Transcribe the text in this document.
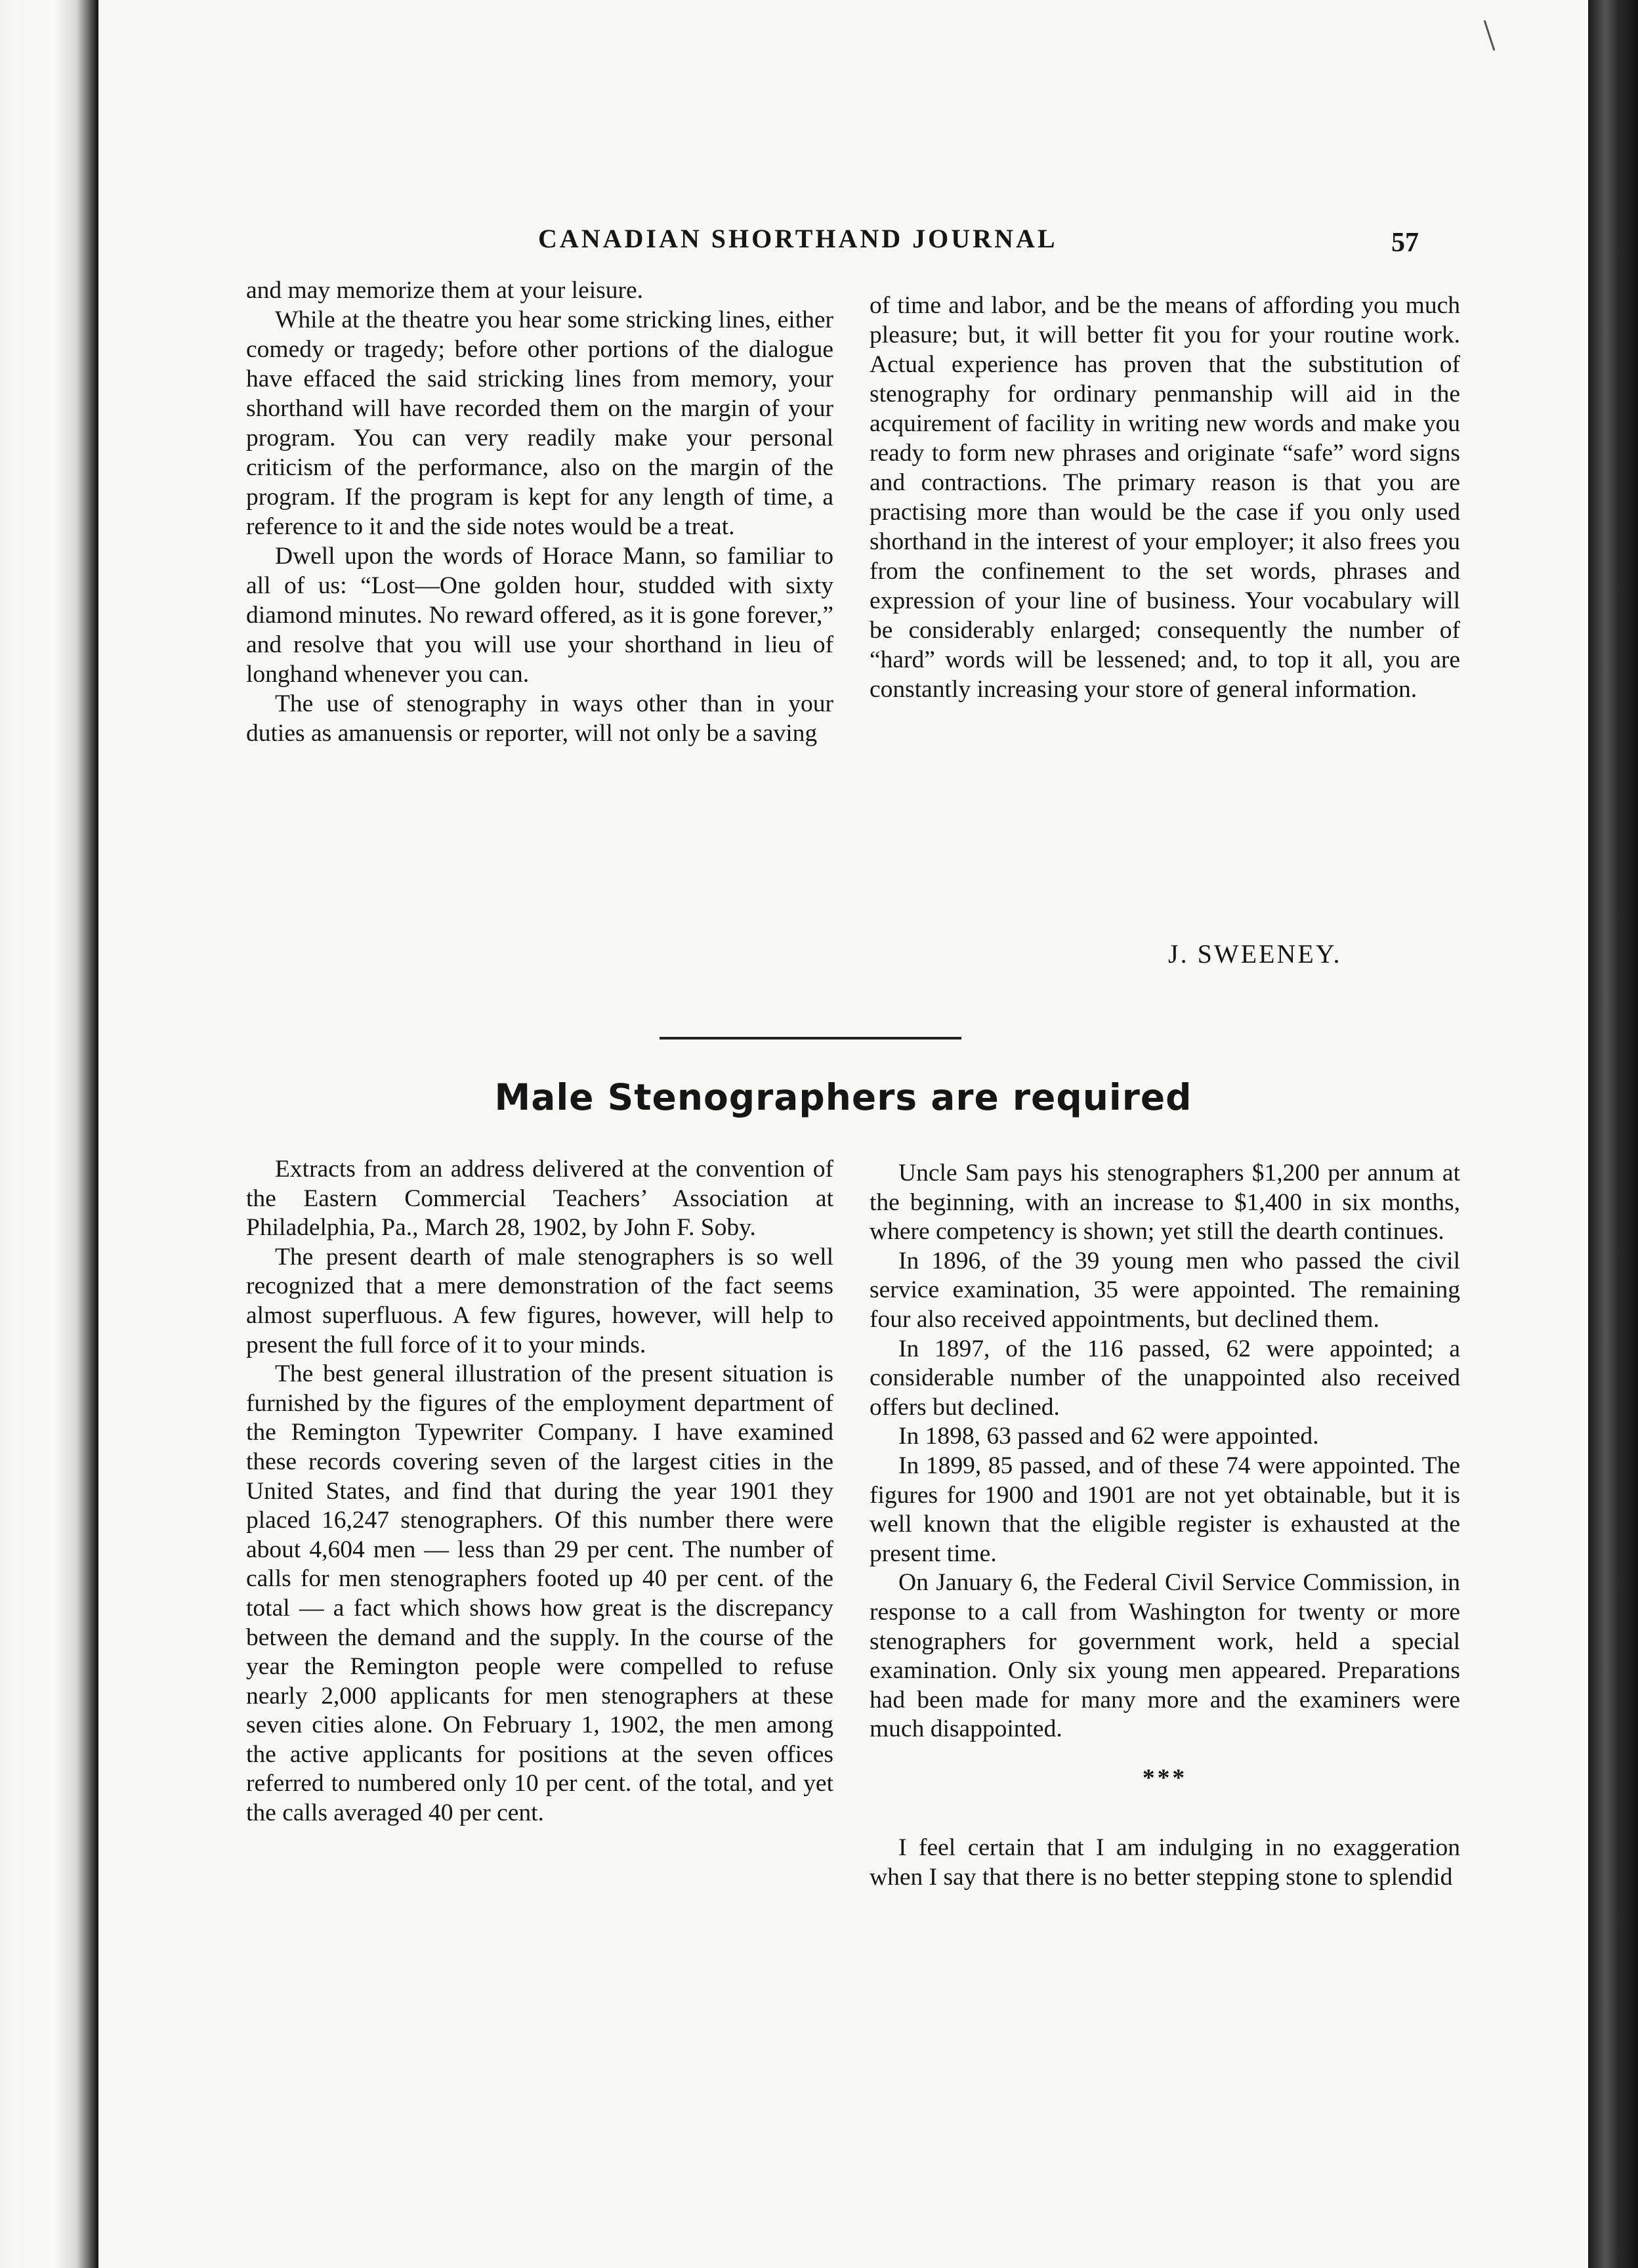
CANADIAN SHORTHAND JOURNAL	57

and may memorize them at your leisure.

While at the theatre you hear some stricking lines, either comedy or tragedy; before other portions of the dialogue have effaced the said stricking lines from memory, your shorthand will have recorded them on the margin of your program. You can very readily make your personal criticism of the performance, also on the margin of the program. If the program is kept for any length of time, a reference to it and the side notes would be a treat.

Dwell upon the words of Horace Mann, so familiar to all of us: “Lost—One golden hour, studded with sixty diamond minutes. No reward offered, as it is gone forever,” and resolve that you will use your shorthand in lieu of longhand whenever you can.

The use of stenography in ways other than in your duties as amanuensis or reporter, will not only be a saving

of time and labor, and be the means of affording you much pleasure; but, it will better fit you for your routine work. Actual experience has proven that the substitution of stenography for ordinary penmanship will aid in the acquirement of facility in writing new words and make you ready to form new phrases and originate “safe” word signs and contractions. The primary reason is that you are practising more than would be the case if you only used shorthand in the interest of your employer; it also frees you from the confinement to the set words, phrases and expression of your line of business. Your vocabulary will be considerably enlarged; consequently the number of “hard” words will be lessened; and, to top it all, you are constantly increasing your store of general information.

J. SWEENEY.
Male Stenographers are required

Extracts from an address delivered at the convention of the Eastern Commercial Teachers’ Association at Philadelphia, Pa., March 28, 1902, by John F. Soby.

The present dearth of male stenographers is so well recognized that a mere demonstration of the fact seems almost superfluous. A few figures, however, will help to present the full force of it to your minds.

The best general illustration of the present situation is furnished by the figures of the employment department of the Remington Typewriter Company. I have examined these records covering seven of the largest cities in the United States, and find that during the year 1901 they placed 16,247 stenographers. Of this number there were about 4,604 men — less than 29 per cent. The number of calls for men stenographers footed up 40 per cent. of the total — a fact which shows how great is the discrepancy between the demand and the supply. In the course of the year the Remington people were compelled to refuse nearly 2,000 applicants for men stenographers at these seven cities alone. On February 1, 1902, the men among the active applicants for positions at the seven offices referred to numbered only 10 per cent. of the total, and yet the calls averaged 40 per cent.

Uncle Sam pays his stenographers $1,200 per annum at the beginning, with an increase to $1,400 in six months, where competency is shown; yet still the dearth continues.

In 1896, of the 39 young men who passed the civil service examination, 35 were appointed. The remaining four also received appointments, but declined them.

In 1897, of the 116 passed, 62 were appointed; a considerable number of the unappointed also received offers but declined.

In 1898, 63 passed and 62 were appointed.

In 1899, 85 passed, and of these 74 were appointed. The figures for 1900 and 1901 are not yet obtainable, but it is well known that the eligible register is exhausted at the present time.

On January 6, the Federal Civil Service Commission, in response to a call from Washington for twenty or more stenographers for government work, held a special examination. Only six young men appeared. Preparations had been made for many more and the examiners were much disappointed.

***

I feel certain that I am indulging in no exaggeration when I say that there is no better stepping stone to splendid
